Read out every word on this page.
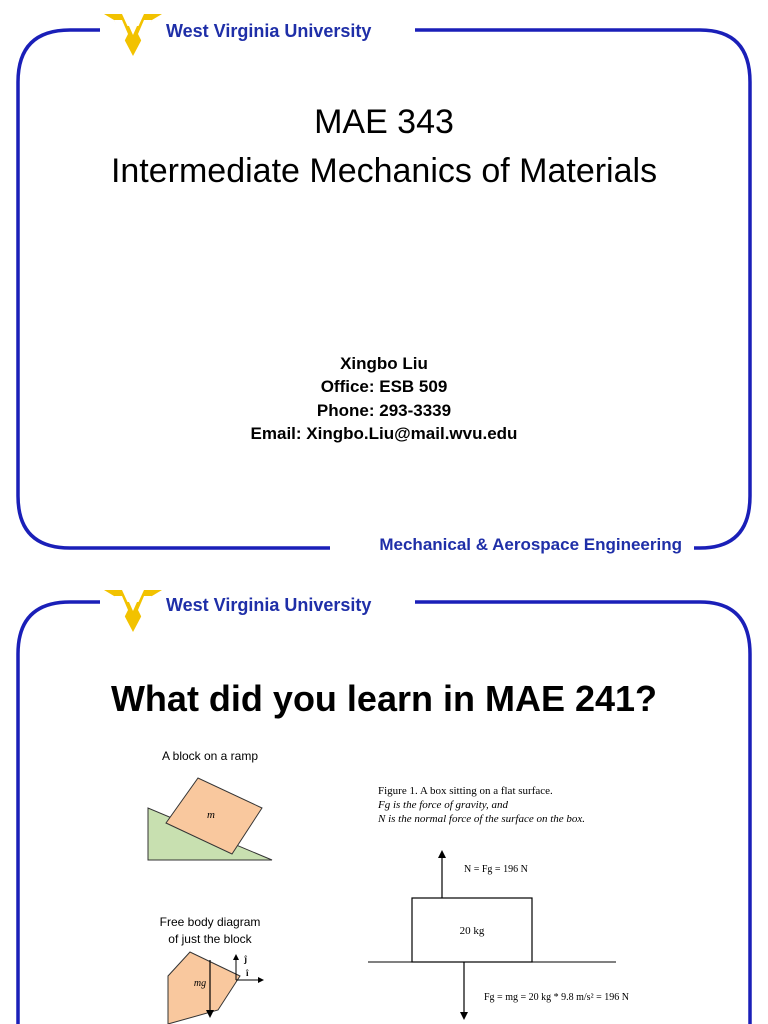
West Virginia University
MAE 343
Intermediate Mechanics of Materials
Xingbo Liu
Office: ESB 509
Phone: 293-3339
Email: Xingbo.Liu@mail.wvu.edu
Mechanical & Aerospace Engineering
West Virginia University
What did you learn in MAE 241?
A block on a ramp
m
Free body diagram
of just the block
mg
ĵ
î
Figure 1. A box sitting on a flat surface.
Fg is the force of gravity, and
N is the normal force of the surface on the box.
N = Fg = 196 N
20 kg
Fg = mg = 20 kg * 9.8 m/s² = 196 N
